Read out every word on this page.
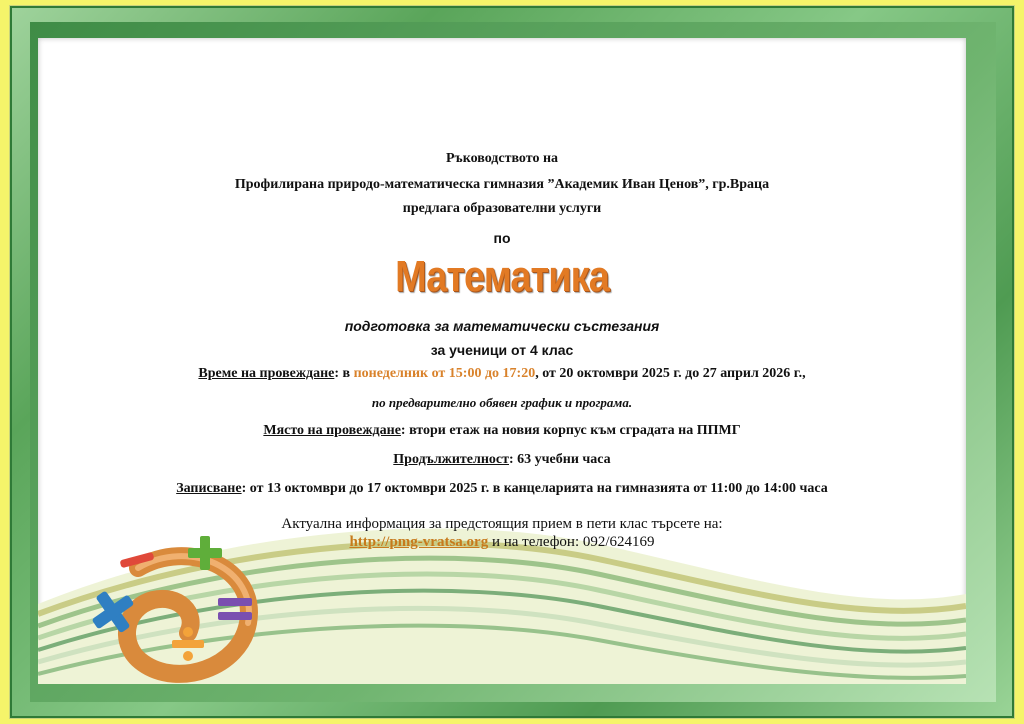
Ръководството на
Профилирана природо-математическа гимназия ”Академик Иван Ценов”, гр.Враца
предлага образователни услуги
по
Математика
подготовка за математически състезания
за ученици от 4 клас
Време на провеждане: в понеделник от 15:00 до 17:20, от 20 октомври 2025 г. до 27 април 2026 г.,
по предварително обявен график и програма.
Място на провеждане: втори етаж на новия корпус към сградата на ППМГ
Продължителност: 63 учебни часа
Записване: от 13 октомври до 17 октомври 2025 г. в канцеларията на гимназията от 11:00 до 14:00 часа
Актуална информация за предстоящия прием в пети клас търсете на:
http://pmg-vratsa.org и на телефон: 092/624169
